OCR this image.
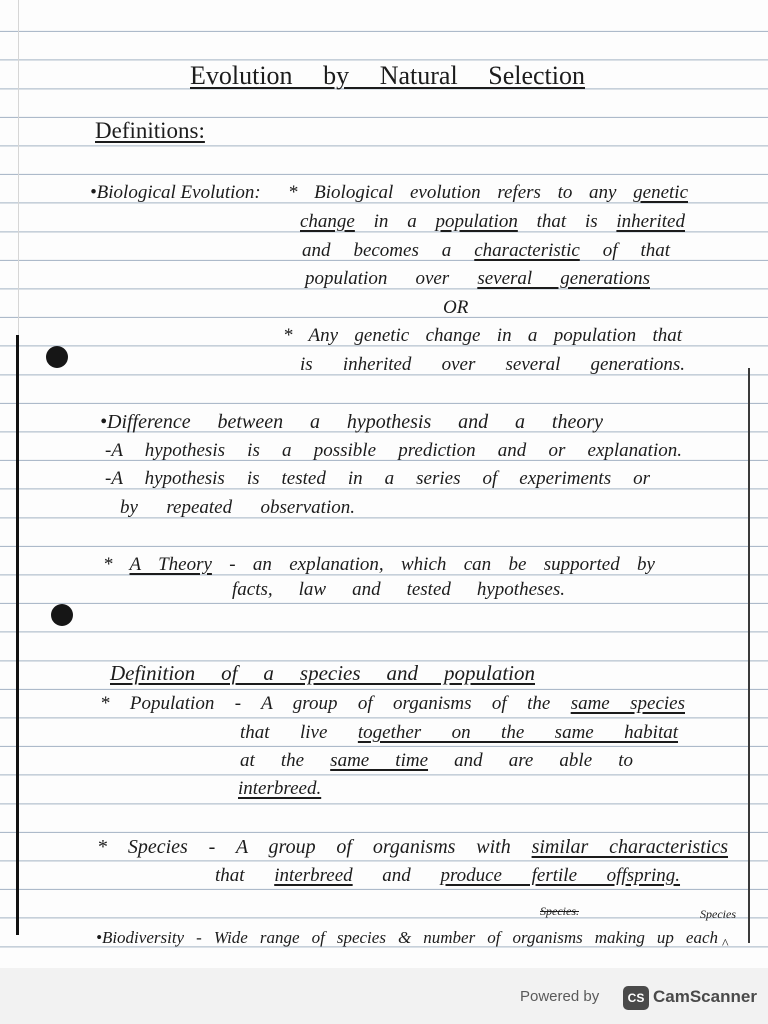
Evolution by Natural Selection
Definitions:
•Biological Evolution: * Biological evolution refers to any genetic
change in a population that is inherited
and becomes a characteristic of that
population over several generations
OR
* Any genetic change in a population that
is inherited over several generations.
•Difference between a hypothesis and a theory
-A hypothesis is a possible prediction and or explanation.
-A hypothesis is tested in a series of experiments or
by repeated observation.
* A Theory - an explanation, which can be supported by
facts, law and tested hypotheses.
Definition of a species and population
* Population - A group of organisms of the same species
that live together on the same habitat
at the same time and are able to
interbreed.
* Species - A group of organisms with similar characteristics
that interbreed and produce fertile offspring.
Species.	Species
•Biodiversity - Wide range of species & number of organisms making up each ^
Powered by	CS CamScanner
